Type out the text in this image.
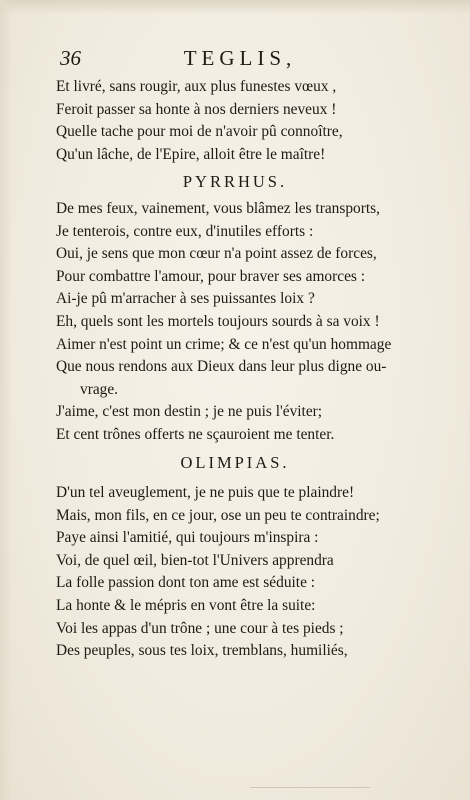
36	TEGLIS,
Et livré, sans rougir, aux plus funestes vœux ,
Feroit passer sa honte à nos derniers neveux !
Quelle tache pour moi de n'avoir pû connoître,
Qu'un lâche, de l'Epire, alloit être le maître!
PYRRHUS.
De mes feux, vainement, vous blâmez les transports,
Je tenterois, contre eux, d'inutiles efforts :
Oui, je sens que mon cœur n'a point assez de forces,
Pour combattre l'amour, pour braver ses amorces :
Ai-je pû m'arracher à ses puissantes loix ?
Eh, quels sont les mortels toujours sourds à sa voix !
Aimer n'est point un crime; & ce n'est qu'un hommage
Que nous rendons aux Dieux dans leur plus digne ou-
vrage.
J'aime, c'est mon destin ; je ne puis l'éviter;
Et cent trônes offerts ne sçauroient me tenter.
OLIMPIAS.
D'un tel aveuglement, je ne puis que te plaindre!
Mais, mon fils, en ce jour, ose un peu te contraindre;
Paye ainsi l'amitié, qui toujours m'inspira :
Voi, de quel œil, bien-tot l'Univers apprendra
La folle passion dont ton ame est séduite :
La honte & le mépris en vont être la suite:
Voi les appas d'un trône ; une cour à tes pieds ;
Des peuples, sous tes loix, tremblans, humiliés,
